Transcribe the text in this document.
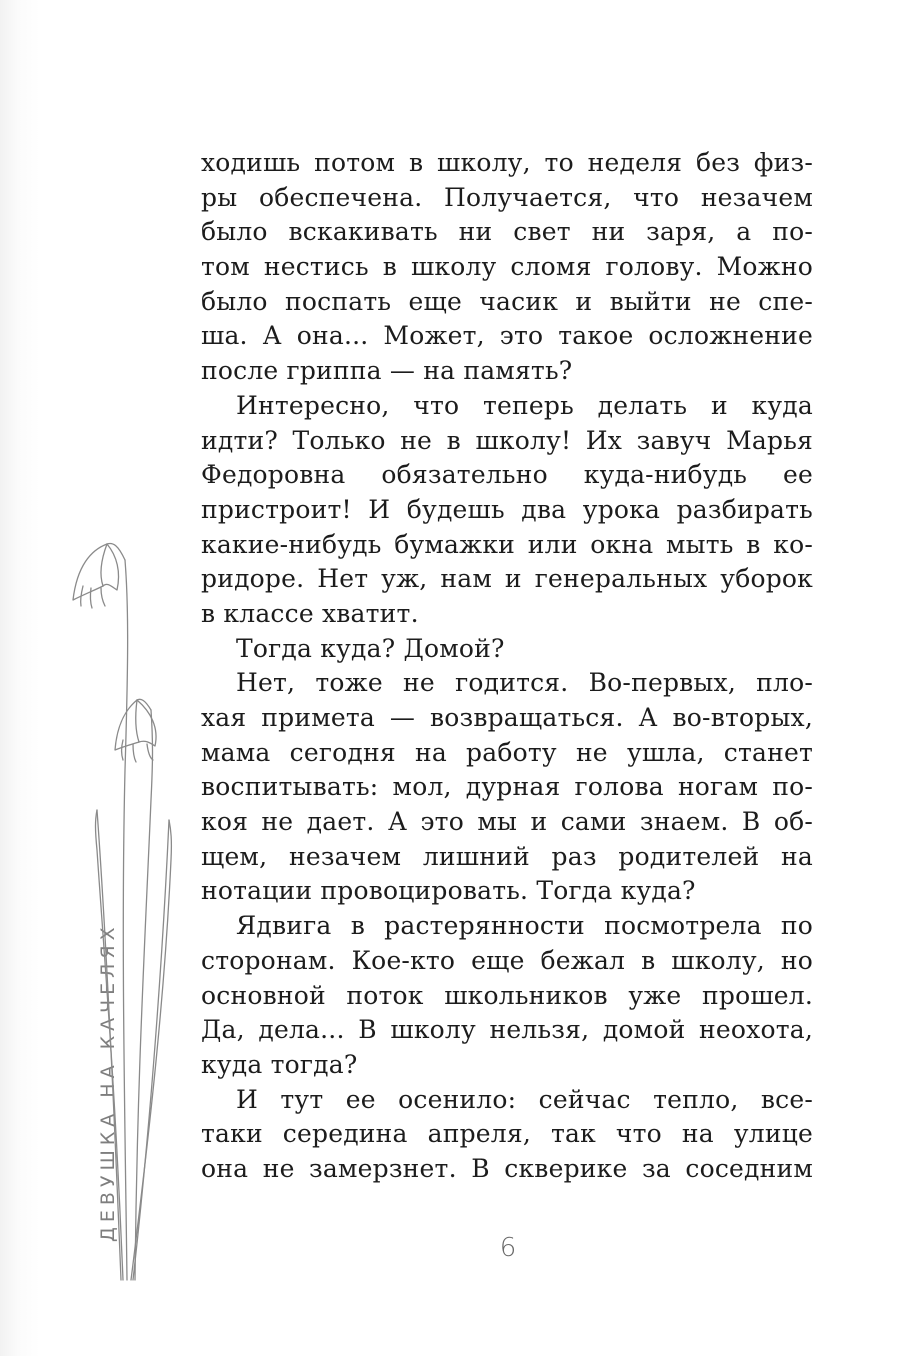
ходишь потом в школу, то неделя без физ-
ры обеспечена. Получается, что незачем
было вскакивать ни свет ни заря, а по-
том нестись в школу сломя голову. Можно
было поспать еще часик и выйти не спе-
ша. А она... Может, это такое осложнение
после гриппа — на память?
Интересно, что теперь делать и куда
идти? Только не в школу! Их завуч Марья
Федоровна обязательно куда-нибудь ее
пристроит! И будешь два урока разбирать
какие-нибудь бумажки или окна мыть в ко-
ридоре. Нет уж, нам и генеральных уборок
в классе хватит.
Тогда куда? Домой?
Нет, тоже не годится. Во-первых, пло-
хая примета — возвращаться. А во-вторых,
мама сегодня на работу не ушла, станет
воспитывать: мол, дурная голова ногам по-
коя не дает. А это мы и сами знаем. В об-
щем, незачем лишний раз родителей на
нотации провоцировать. Тогда куда?
Ядвига в растерянности посмотрела по
сторонам. Кое-кто еще бежал в школу, но
основной поток школьников уже прошел.
Да, дела... В школу нельзя, домой неохота,
куда тогда?
И тут ее осенило: сейчас тепло, все-
таки середина апреля, так что на улице
она не замерзнет. В скверике за соседним
6
ДЕВУШКА НА КАЧЕЛЯХ
